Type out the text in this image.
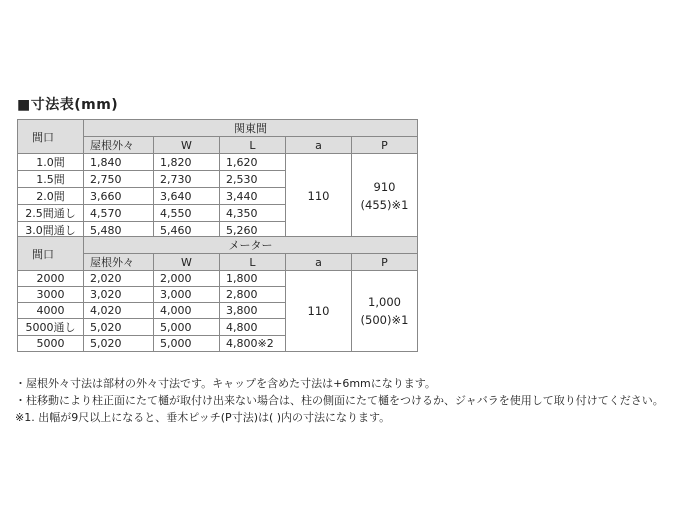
■寸法表(mm)
間口	関東間				
	屋根外々	W	L	a	P
1.0間	1,840	1,820	1,620	110	910
(455)※1
1.5間	2,750	2,730	2,530		
2.0間	3,660	3,640	3,440		
2.5間通し	4,570	4,550	4,350		
3.0間通し	5,480	5,460	5,260		
間口	メーター				
	屋根外々	W	L	a	P
2000	2,020	2,000	1,800	110	1,000
(500)※1
3000	3,020	3,000	2,800		
4000	4,020	4,000	3,800		
5000通し	5,020	5,000	4,800		
5000	5,020	5,000	4,800※2		
・屋根外々寸法は部材の外々寸法です。キャップを含めた寸法は+6mmになります。
・柱移動により柱正面にたて樋が取付け出来ない場合は、柱の側面にたて樋をつけるか、ジャバラを使用して取り付けてください。
※1. 出幅が9尺以上になると、垂木ピッチ(P寸法)は( )内の寸法になります。
